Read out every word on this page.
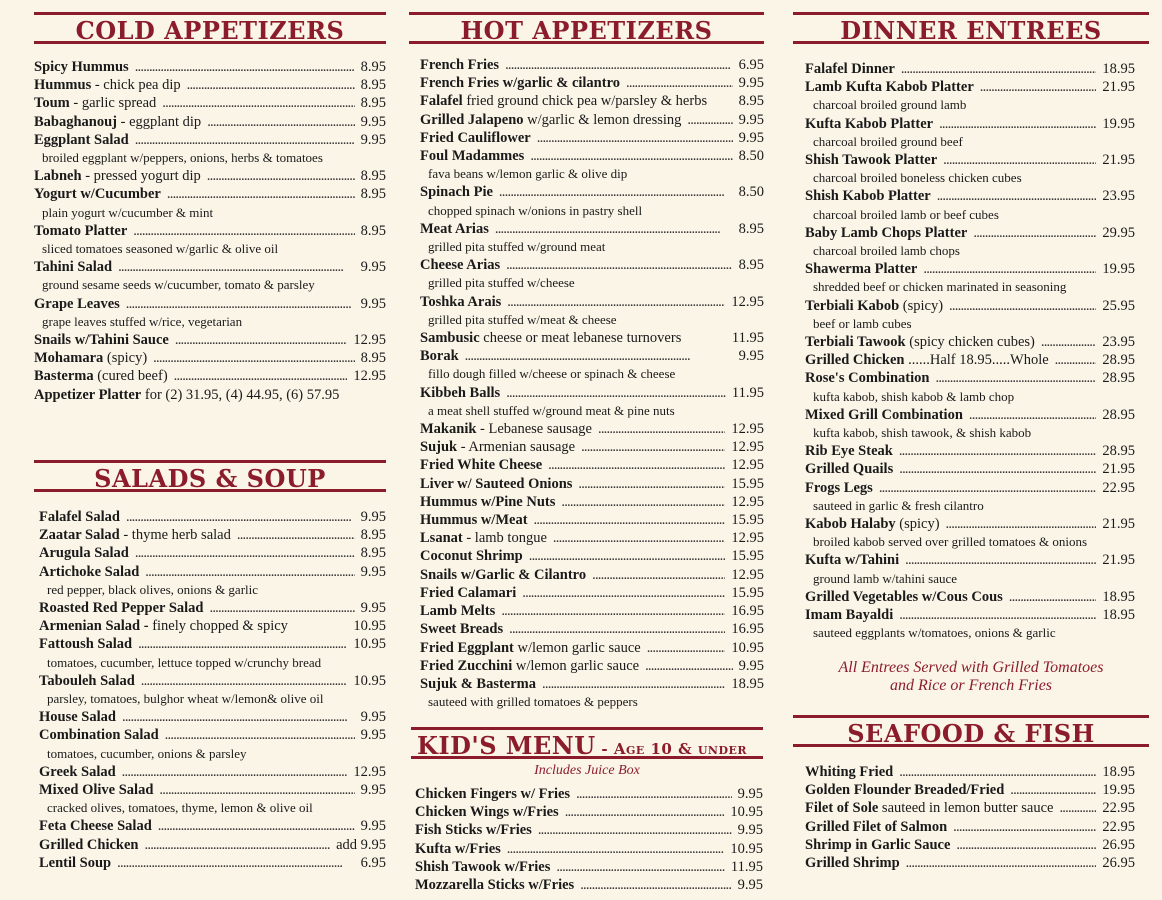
COLD APPETIZERS
Spicy Hummus . . .	8.95
Hummus - chick pea dip . . .	8.95
Toum - garlic spread . . .	8.95
Babaghanouj - eggplant dip . . .	9.95
Eggplant Salad . . .	9.95
broiled eggplant w/peppers, onions, herbs & tomatoes
Labneh - pressed yogurt dip . . .	8.95
Yogurt w/Cucumber . . .	8.95
plain yogurt w/cucumber & mint
Tomato Platter . . .	8.95
sliced tomatoes seasoned w/garlic & olive oil
Tahini Salad . . .	9.95
ground sesame seeds w/cucumber, tomato & parsley
Grape Leaves . . .	9.95
grape leaves stuffed w/rice, vegetarian
Snails w/Tahini Sauce . . .	12.95
Mohamara (spicy) . . .	8.95
Basterma (cured beef) . . .	12.95
Appetizer Platter for (2) 31.95, (4) 44.95, (6) 57.95
SALADS & SOUP
Falafel Salad . . .	9.95
Zaatar Salad - thyme herb salad . . .	8.95
Arugula Salad . . .	8.95
Artichoke Salad . . .	9.95
red pepper, black olives, onions & garlic
Roasted Red Pepper Salad . . .	9.95
Armenian Salad - finely chopped & spicy	10.95
Fattoush Salad . . .	10.95
tomatoes, cucumber, lettuce topped w/crunchy bread
Tabouleh Salad . . .	10.95
parsley, tomatoes, bulghor wheat w/lemon& olive oil
House Salad . . .	9.95
Combination Salad . . .	9.95
tomatoes, cucumber, onions & parsley
Greek Salad . . .	12.95
Mixed Olive Salad . . .	9.95
cracked olives, tomatoes, thyme, lemon & olive oil
Feta Cheese Salad . . .	9.95
Grilled Chicken . . .	add 9.95
Lentil Soup . . .	6.95
HOT APPETIZERS
French Fries . . .	6.95
French Fries w/garlic & cilantro . . .	9.95
Falafel fried ground chick pea w/parsley & herbs 8.95
Grilled Jalapeno w/garlic & lemon dressing . . .	9.95
Fried Cauliflower . . .	9.95
Foul Madammes . . .	8.50
fava beans w/lemon garlic & olive dip
Spinach Pie . . .	8.50
chopped spinach w/onions in pastry shell
Meat Arias . . .	8.95
grilled pita stuffed w/ground meat
Cheese Arias . . .	8.95
grilled pita stuffed w/cheese
Toshka Arais . . .	12.95
grilled pita stuffed w/meat & cheese
Sambusic cheese or meat lebanese turnovers	11.95
Borak . . .	9.95
fillo dough filled w/cheese or spinach & cheese
Kibbeh Balls . . .	11.95
a meat shell stuffed w/ground meat & pine nuts
Makanik - Lebanese sausage . . .	12.95
Sujuk - Armenian sausage . . .	12.95
Fried White Cheese . . .	12.95
Liver w/ Sauteed Onions . . .	15.95
Hummus w/Pine Nuts . . .	12.95
Hummus w/Meat . . .	15.95
Lsanat - lamb tongue . . .	12.95
Coconut Shrimp . . .	15.95
Snails w/Garlic & Cilantro . . .	12.95
Fried Calamari . . .	15.95
Lamb Melts . . .	16.95
Sweet Breads . . .	16.95
Fried Eggplant w/lemon garlic sauce . . .	10.95
Fried Zucchini w/lemon garlic sauce . . .	9.95
Sujuk & Basterma . . .	18.95
sauteed with grilled tomatoes & peppers
KID'S MENU - Age 10 & under
Includes Juice Box
Chicken Fingers w/ Fries . . .	9.95
Chicken Wings w/Fries . . .	10.95
Fish Sticks w/Fries . . .	9.95
Kufta w/Fries . . .	10.95
Shish Tawook w/Fries . . .	11.95
Mozzarella Sticks w/Fries . . .	9.95
DINNER ENTREES
Falafel Dinner . . .	18.95
Lamb Kufta Kabob Platter . . .	21.95
charcoal broiled ground lamb
Kufta Kabob Platter . . .	19.95
charcoal broiled ground beef
Shish Tawook Platter . . .	21.95
charcoal broiled boneless chicken cubes
Shish Kabob Platter . . .	23.95
charcoal broiled lamb or beef cubes
Baby Lamb Chops Platter . . .	29.95
charcoal broiled lamb chops
Shawerma Platter . . .	19.95
shredded beef or chicken marinated in seasoning
Terbiali Kabob (spicy) . . .	25.95
beef or lamb cubes
Terbiali Tawook (spicy chicken cubes) . . .	23.95
Grilled Chicken ......Half 18.95.....Whole . . .	28.95
Rose's Combination . . .	28.95
kufta kabob, shish kabob & lamb chop
Mixed Grill Combination . . .	28.95
kufta kabob, shish tawook, & shish kabob
Rib Eye Steak . . .	28.95
Grilled Quails . . .	21.95
Frogs Legs . . .	22.95
sauteed in garlic & fresh cilantro
Kabob Halaby (spicy) . . .	21.95
broiled kabob served over grilled tomatoes & onions
Kufta w/Tahini . . .	21.95
ground lamb w/tahini sauce
Grilled Vegetables w/Cous Cous . . .	18.95
Imam Bayaldi . . .	18.95
sauteed eggplants w/tomatoes, onions & garlic
All Entrees Served with Grilled Tomatoes
and Rice or French Fries
SEAFOOD & FISH
Whiting Fried . . .	18.95
Golden Flounder Breaded/Fried . . .	19.95
Filet of Sole sauteed in lemon butter sauce . . .	22.95
Grilled Filet of Salmon . . .	22.95
Shrimp in Garlic Sauce . . .	26.95
Grilled Shrimp . . .	26.95
